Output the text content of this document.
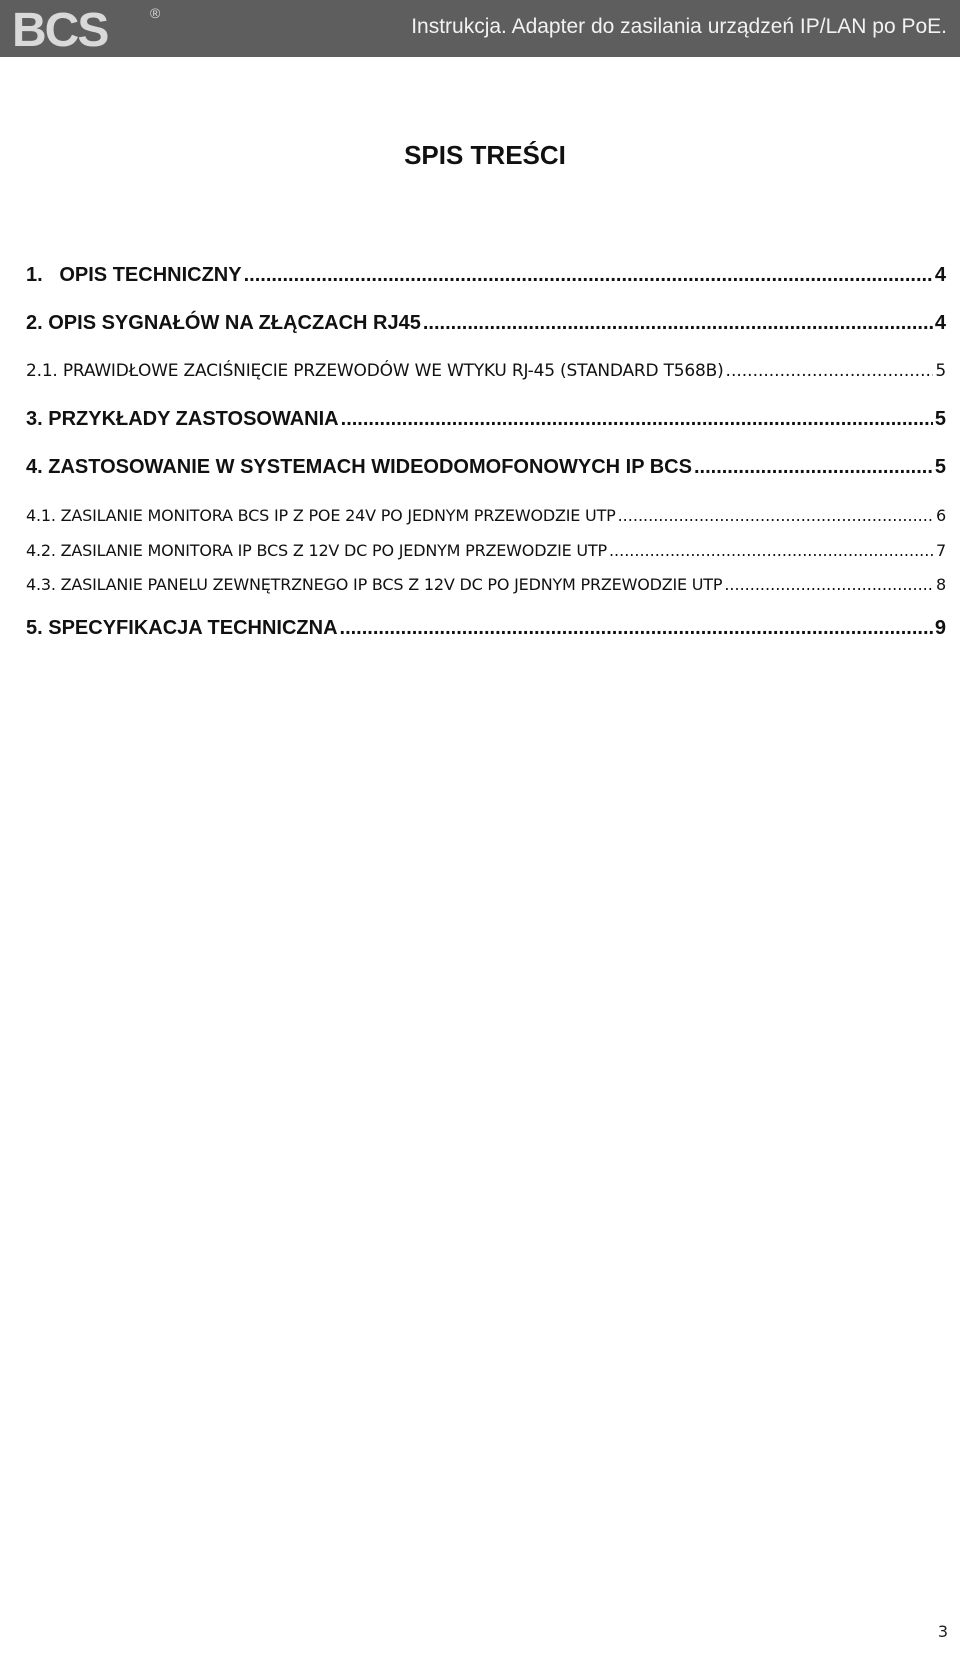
BCS	®
Instrukcja. Adapter do zasilania urządzeń IP/LAN po PoE.
SPIS TREŚCI
1.   OPIS TECHNICZNY .....	4
2. OPIS SYGNAŁÓW NA ZŁĄCZACH RJ45 .....	4
2.1. PRAWIDŁOWE ZACIŚNIĘCIE PRZEWODÓW WE WTYKU RJ-45 (STANDARD T568B) .....	5
3. PRZYKŁADY ZASTOSOWANIA .....	5
4. ZASTOSOWANIE W SYSTEMACH WIDEODOMOFONOWYCH IP BCS .....	5
4.1. ZASILANIE MONITORA BCS IP Z POE 24V PO JEDNYM PRZEWODZIE UTP .....	6
4.2. ZASILANIE MONITORA IP BCS Z 12V DC PO JEDNYM PRZEWODZIE UTP .....	7
4.3. ZASILANIE PANELU ZEWNĘTRZNEGO IP BCS Z 12V DC PO JEDNYM PRZEWODZIE UTP .....	8
5. SPECYFIKACJA TECHNICZNA .....	9
3
